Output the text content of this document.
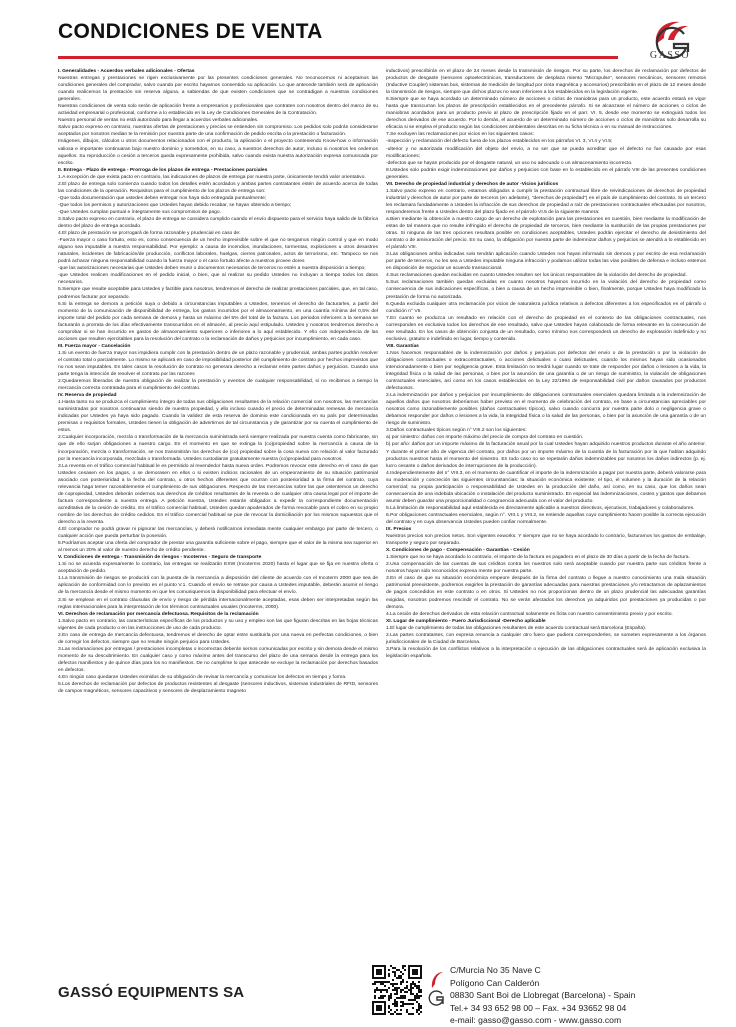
CONDICIONES DE VENTA
GASSÓ

I. Generalidades - Acuerdos verbales adicionales - Ofertas

Nuestras entregas y prestaciones se rigen exclusivamente por las presentes condiciones generales. No reconocemos ni aceptamos las condiciones generales del comprador, salvo cuando por escrito hayamos consentido su aplicación. Lo que antecede también será de aplicación cuando realicemos la prestación sin reserva alguna, a sabiendas de que existen condiciones que se contradigan a nuestras condiciones generales.

Nuestras condiciones de venta solo serán de aplicación frente a empresarios y profesionales que contraten con nosotros dentro del marco de su actividad empresarial o profesional, conforme a lo establecido en la Ley de Condiciones Generales de la Contratación.

Nuestro personal de ventas no está autorizado para llegar a acuerdos verbales adicionales.

Salvo pacto expreso en contrario, nuestras ofertas de prestaciones y precios se entienden sin compromiso. Los pedidos solo podrán considerarse aceptados por nosotros median te la remisión por nuestra parte de una confirmación de pedido escrita o la prestación o facturación.

Imágenes, dibujos, cálculos u otros documentos relacionados con el producto, la aplicación o el proyecto conteniendo Know-how o información valiosa e importante continuaran bajo nuestro dominio y sometidos, en su caso, a nuestros derechos de autor, incluso si nosotros les cedemos aquellos. Su reproducción o cesión a terceros queda expresamente prohibida, salvo cuando exista nuestra autorización expresa comunicada por escrito.

II. Entrega - Plazo de entrega - Prorroga de los plazos de entrega - Prestaciones parciales

1.A excepción de que exista pacto en contrario, las indicaciones de plazos de entrega por nuestra parte, únicamente tendrá valor orientativo.

2.El plazo de entrega solo comienza cuando todos los detalles estén acordados y ambas partes contratantes estén de acuerdo acerca de todas las condiciones de la operación. Requisitos para el cumplimiento de los plazos de entrega son:

-Que toda documentación que ustedes deben entregar nos haya sido entregada puntualmente;

-Que todos los permisos y autorizaciones que Ustedes hayan debido recabar, se hayan obtenido a tiempo;

-Que Ustedes cumplan puntual e íntegramente sus compromisos de pago.

3.Salvo pacto expreso en contrario, el plazo de entrega se considera cumplido cuando el envío dispuesto para el servicio haya salido de la fábrica dentro del plazo de entrega acordado.

4.El plazo de prestación se prorrogará de forma razonable y prudencial en caso de:

-Fuerza mayor o caso fortuito, esto es, como consecuencia de un hecho imprevisible sobre el que no tengamos ningún control y que en modo alguno sea imputable a nuestra responsabilidad. Por ejemplo: a causa de incendios, inundaciones, tormentas, explosiones u otros desastres naturales, incidentes de fabricación/de producción, conflictos laborales, huelgas, cierres patronales, actos de terrorismo, etc. Tampoco se nos podrá achacar ninguna responsabilidad cuando la fuerza mayor o el caso fortuito afecte a nuestros provee dores

-que las autorizaciones necesarias que Ustedes deben reunir o documentos necesarios de terceros no estén a nuestra disposición a tiempo;

-que Ustedes realicen modificaciones en el pedido inicial, o bien, que al realizar su pedido Ustedes no incluyan a tiempo todos los datos necesarios.

5.Siempre que resulte aceptable para Ustedes y factible para nosotros, tendremos el derecho de realizar prestaciones parciales, que, en tal caso, podremos facturar por separado.

6.Si la entrega se demora a petición suya o debido a circunstancias imputables a Ustedes, tenemos el derecho de facturarles, a partir del momento de la comunicación de disponibilidad de entrega, los gastos incurridos por el almacenamiento, en una cuantía mínima del 0,5% del importe total del pedido por cada semana de demora y hasta un máximo del 5% del total de la factura. Los periodos inferiores a la semana se facturarán a prorrata de los días efectivamente transcurridos en el almacén, al precio aquí estipulado. Ustedes y nosotros tendremos derecho a comprobar si se han incurrido en gastos de almacenamiento superiores o inferiores a lo aquí establecido. Y ello con independencia de las acciones que resulten ejercitables para la resolución del contrato o la reclamación de daños y perjuicios por incumplimiento, en cada caso.

III. Fuerza mayor - Cancelación

1.Si un evento de fuerza mayor nos impidiera cumplir con la prestación dentro de un plazo razonable y prudencial, ambas partes podrán resolver el contrato total o parcialmente. Lo mismo se aplicará en caso de imposibilidad posterior del cumplimiento de contrato por hechos imprevistos que no nos sean imputables. En tales casos la resolución de contrato no generara derecho a reclamar entre partes daños y perjuicios. Cuando una parte tenga la intención de resolver el contrato por las razones

2.Quedaremos liberados de nuestra obligación de realizar la prestación y eventos de cualquier responsabilidad, si no recibimos a tiempo la mercancía correcta contratada para el cumplimiento del contrato.

IV. Reserva de propiedad

1.Hasta tanto no se produzca el cumplimiento íntegro de todas sus obligaciones resultantes de la relación comercial con nosotros, las mercancías suministradas por nosotros continuaran siendo de nuestra propiedad, y ello incluso cuando el precio de determinadas remesas de mercancía indicadas por Ustedes ya haya sido pagado. Cuando la validez de esta reserva de dominio este condicionada en su país por determinadas premisas o requisitos formales, Ustedes tienen la obligación de advertirnos de tal circunstancia y de garantizar por su cuenta el cumplimiento de estos.

2.Cualquier incorporación, mezcla o transformación de la mercancía suministrada será siempre realizada por nuestra cuenta como fabricante, sin que de ello surjan obligaciones a nuestro cargo. En el momento en que se extinga la (co)propiedad sobre la mercancía a causa de la incorporación, mezcla o transformación, se nos transmitirán los derechos de (co) propiedad sobre la cosa nueva con relación al valor facturado por la mercancía incorporada, mezclada o transformada. Ustedes custodiaran gratuitamente nuestra (co)propiedad para nosotros.

3.La reventa en el tráfico comercial habitual le es permitido al revendedor hasta nueva orden. Podremos revocar este derecho en el caso de que Ustedes cesasen en los pagos, o se demorasen en ellos o si existen indicios racionales de un empeoramiento de su situación patrimonial asociado con posterioridad a la fecha del contrato, u otros hechos diferentes que ocurran con posterioridad a la firma del contrato, cuya relevancia haga temer razonablemente el cumplimiento de sus obligaciones. Respecto de las mercancías sobre las que ostentemos un derecho de copropiedad, Ustedes deberán cedernos sus derechos de créditos resultantes de la reventa o de cualquier otra causa legal por el importe de factura correspondiente a nuestra entrega. A petición nuestra, Ustedes estarán obligados a expedir la correspondiente documentación acreditativa de la cesión de crédito. En el tráfico comercial habitual, Ustedes quedan apoderados de forma revocable para el cobro en su propio nombre de los derechos de crédito cedidos. En el tráfico comercial habitual se pue de revocar la domiciliación por los mismos supuestos que el derecho a la reventa.

4.El comprador no podrá gravar ni pignorar las mercancías, y deberá notificarnos inmediata mente cualquier embargo por parte de tercero, o cualquier acción que pueda perturbar la posesión.

5.Podríamos aceptar una oferta del comprador de prestar una garantía suficiente sobre el pago, siempre que el valor de la misma sea superior en al menos un 20% al valor de nuestro derecho de crédito pendiente.

V. Condiciones de entrega - Transmisión de riesgos - Incoterms - Seguro de transporte

1.Si no se acuerda expresamente lo contrario, las entregas se realizarán EXW (Incoterms 2020) hasta el lugar que se fija en nuestra oferta o aceptación de pedido.

1.La transmisión de riesgos se producirá con la puesta de la mercancía a disposición del cliente de acuerdo con el Incoterm 2000 que sea de aplicación de conformidad con lo previsto en el punto V.1. Cuando el envío se retrase por causa a Ustedes imputable, deberán asumir el riesgo de la mercancía desde el mismo momento en que les comuniquemos la disponibilidad para efectuar el envío.

3.Si se emplean en el contrato cláusulas de envío y riesgo de pérdida internacionalmente aceptadas, esas deben ser interpretadas según las reglas internacionales para la interpretación de los términos contractuales usuales (Incoterms, 2000).

VI. Derechos de reclamación por mercancía defectuosa. Requisitos de la reclamación

1.Salvo pacto en contrario, las características específicas de los productos y su uso y empleo son las que figuran descritas en las hojas técnicas vigentes de cada producto o en las instrucciones de uso de cada producto.

2.En caso de entrega de mercancía defectuosa, tendremos el derecho de optar entre sustituirla por una nueva en perfectas condiciones, o bien de corregir los defectos, siempre que no resulte ningún perjuicio para Ustedes.

3.Las reclamaciones por entregas / prestaciones incompletas o incorrectas deberán sernos comunicadas por escrito y sin demora desde el mismo momento de su descubrimiento. En cualquier caso y como máximo antes del transcurso del plazo de una semana desde la entrega para los defectos manifiestos y de quince días para los no manifiestos. De no cumplirse lo que antecede se excluye la reclamación por derechos basados en defectos.

4.En ningún caso quedaran Ustedes eximidos de su obligación de revisar la mercancía y comunicar los defectos en tiempo y forma.

5.Los derechos de reclamación por defectos de productos resistentes al desgaste (sensores inductivos, sistemas industriales de RFID, sensores de campos magnéticos, sensores capacitivos y sensores de desplazamiento magneto

inductivos) prescribirán en el plazo de 24 meses desde la transmisión de riesgos. Por su parte, los derechos de reclamación por defectos de productos de desgaste (sensores optoelectrónicos, transductores de desplaza miento “Micropulse”, sensores mecánicos, sensores remotos (Inductive Coupler) sistemas bus, sistemas de medición de longitud por cinta magnética y accesorios) prescribirán en el plazo de 12 meses desde la transmisión de riesgos, siempre que dichos plazos no sean inferiores a los establecidos en la legislación vigente.

6.Siempre que se haya acordado un determinado número de acciones o ciclos de maniobras para un producto, este acuerdo estará en vigor hasta que transcurran los plazos de prescripción establecidos en el precedente párrafo. Si se alcanzase el número de acciones o ciclos de maniobras acordados para un producto previo al plazo de prescripción fijado en el parr. VI. 5, desde ese momento se extinguirá todos los derechos derivados de ese acuerdo. Por lo demás, el acuerdo de un determinado número de acciones o ciclos de maniobras solo desarrolla su eficacia si se emplea el producto según las condiciones ambientales descritas en su ficha técnica o en su manual de instrucciones.

7.Se excluyen las reclamaciones por vicios en los siguientes casos:

-inspección y reclamación del defecto fuera de los plazos establecidos en los párrafos VI. 3, VI.4 y VI.5;

-ulterior y no autorizada modificación del objeto del envío, a no ser que se pueda acreditar que el defecto no fue causado por esas modificaciones;

-defectos que se hayan producido por el desgaste natural, un uso no adecuado o un almacenamiento incorrecto.

8.Ustedes solo podrán exigir indemnizaciones por daños y perjuicios con base en lo establecido en el párrafo VIII de las presentes condiciones generales.

VII. Derecho de propiedad industrial y derechos de autor -Vicios jurídicos

1.Salvo pacto expreso en contrario, estamos obligados a cumplir la prestación contractual libre de reivindicaciones de derechos de propiedad industrial y derechos de autor por parte de terceros (en adelante), “derechos de propiedad”) en el país de cumplimiento del contrato. Si un tercero les reclamara fundadamente a Ustedes la infracción de sus derechos de propiedad a raíz de prestaciones contractuales efectuadas por nosotros, responderemos frente a Ustedes dentro del plazo fijado en el párrafo VI.5 de la siguiente manera:

a.Bien mediante la obtención a nuestro cargo de un derecho de explotación para las prestaciones en cuestión, bien mediante la modificación de estas de tal manera que no resulte infringido el derecho de propiedad de terceros, bien mediante la sustitución de las propias prestaciones por otras. Si ninguna de las tres opciones resultara posible en condiciones aceptables, Ustedes podrán ejercitar el derecho de desistimiento del contrato o de aminoración del precio. En su caso, la obligación por nuestra parte de indemnizar daños y perjuicios se atendrá a lo establecido en el párrafo VIII.

3.Las obligaciones arriba indicadas solo tendrán aplicación cuando Ustedes nos hayan informado sin demora y por escrito de esa reclamación por parte de terceros, no les sea a Ustedes imputable ninguna infracción y podamos utilizar todas las vías posibles de defensa e incluso estemos en disposición de negociar un acuerdo transaccional.

4.Sus reclamaciones quedan excluidas en cuanto Ustedes resulten ser los únicos responsables de la violación del derecho de propiedad.

5.Sus reclamaciones también quedan excluidas en cuanto nosotros hayamos incurrido en la violación del derecho de propiedad como consecuencia de sus indicaciones específicas, o bien a causa de un hecho imprevisible o bien, finalmente, porque Ustedes haya modificado la prestación de forma no autorizada.

6.Queda excluida cualquier otra reclamación por vicios de naturaleza jurídica relativos a defectos diferentes a los especificados en el párrafo o condición n° VII.

7.En cuanto se produzca un resultado en relación con el derecho de propiedad en el contexto de las obligaciones contractuales, nos corresponden en exclusiva todos los derechos de ese resultado, salvo que Ustedes hayan colaborado de forma relevante en la consecución de ese resultado. En los casos de obtención conjunta de un resultado, como mínimo nos corresponderá un derecho de explotación indefinido y no exclusivo, gratuito e indefinido en lugar, tiempo y contenido.

VIII. Garantías

1.Nos hacemos responsables de la indemnización por daños y perjuicios por defectos del envío o de la prestación o por la violación de obligaciones contractuales o extracontractuales, o acciones delictuales o cuasi delictuales, cuando los mismos hayan sido ocasionados intencionadamente o bien por negligencia grave. Esta limitación no tendrá lugar cuando se trate de responder por daños o lesiones a la vida, la integridad física o la salud de las personas, o bien por la asunción de una garantía o de un riesgo de suministro, la violación de obligaciones contractuales esenciales, así como en los casos establecidos en la Ley 22/1994 de responsabilidad civil por daños causados por productos defectuosos.

2.La indemnización por daños y perjuicios por incumplimiento de obligaciones contractuales esenciales quedara limitada a la indemnización de aquellos daños que nosotros deberíamos haber previsto en el momento de celebración del contrato, en base a circunstancias apreciables por nosotros como razonablemente posibles (daños contractuales típicos), salvo cuando concurra por nuestra parte dolo o negligencia grave o debamos responder por daños o lesiones a la vida, la integridad física o la salud de las personas, o bien por la asunción de una garantía o de un riesgo de suministro.

3.Daños contractuales típicos según n° VIII.2 son los siguientes:

a) por siniestro: daños con importe máximo del precio de compra del contrato en cuestión.

b) por año: daños por un importe máximo de la facturación anual por la cual Ustedes hayan adquirido nuestros productos durante el año anterior. Y durante el primer año de vigencia del contrato, por daños por un importe máximo de la cuantía de la facturación por la que hablan adquirido productos nuestros hasta el momento del siniestro. En todo caso no se repetarán daños indemnizables por nosotros los daños indirectos (p. ej. lucro cesante o daños derivados de interrupciones de la producción).

4.Independientemente del n° VIII.3, en el momento de cuantificar el importe de la indemnización a pagar por nuestra parte, deberá valorarse para su moderación y concreción las siguientes circunstancias: la situación económica existente; el tipo, el volumen y la duración de la relación comercial; su propia participación o responsabilidad de Ustedes en la producción del daño, así como, en su caso, que los daños sean consecuencia de una indebida ubicación o instalación del producto suministrado. En especial las indemnizaciones, costes y gastos que debamos asumir deben guardar una proporcionalidad o congruencia adecuada con el valor del producto.

5.La limitación de responsabilidad aquí establecida es directamente aplicable a nuestros directivos, ejecutivos, trabajadores y colaboradores.

6.Por obligaciones contractuales esenciales, según n°. VIII.1 y VIII.2, se entiende aquellas cuyo cumplimiento hacen posible la correcta ejecución del contrato y en cuya observancia Ustedes pueden confiar normalmente.

IX. Precios

Nuestros precios son precios netos. Son vigentes exworks. Y siempre que no se haya acordado lo contrario, facturamos los gastos de embalaje, transporte y seguro por separado.

X. Condiciones de pago - Compensación - Garantías - Cesión

1.Siempre que no se haya acordado lo contrario, el importe de la factura es pagadero en el plazo de 30 días a partir de la fecha de factura.

2.Una compensación de las cuentas de sus créditos contra los nuestros solo será aceptable cuando por nuestra parte sus créditos frente a nosotros hayan sido reconocidos expresa mente por nuestra parte.

3.En el caso de que su situación económica empeore después de la firma del contrato o llegue a nuestro conocimiento una mala situación patrimonial preexistente, podremos exigirles la prestación de garantías adecuadas para nuestras prestaciones y/o retractarnos de aplazamientos de pagos concedidos en este contrato o en otros. Si Ustedes no nos proporcionan dentro de un plazo prudencial las adecuadas garantías exigidas, nosotros podremos rescindir el contrato. No se verán afectados los derechos ya adquiridos por prestaciones ya producidas o por demora.

4.La cesión de derechos derivados de esta relación contractual solamente es lícita con nuestro consentimiento previo y por escrito.

XI. Lugar de cumplimiento - Fuero Jurisdiccional -Derecho aplicable

1.El lugar de cumplimiento de todas las obligaciones resultantes de este acuerdo contractual será Barcelona (España).

2.Las partes contratantes, con expresa renuncia a cualquier otro fuero que pudiera corresponderles, se someten expresamente a los órganos jurisdiccionales de la Ciudad de Barcelona.

3.Para la resolución de los conflictos relativos a la interpretación o ejecución de las obligaciones contractuales será de aplicación exclusiva la legislación española.

GASSÓ EQUIPMENTS SA
C/Murcia No 35 Nave C
Polígono Can Calderón
08830 Sant Boi de Llobregat (Barcelona) - Spain
Tel.+ 34 93 652 98 00 – Fax. +34 93652 98 04
e-mail: gasso@gasso.com - www.gasso.com
